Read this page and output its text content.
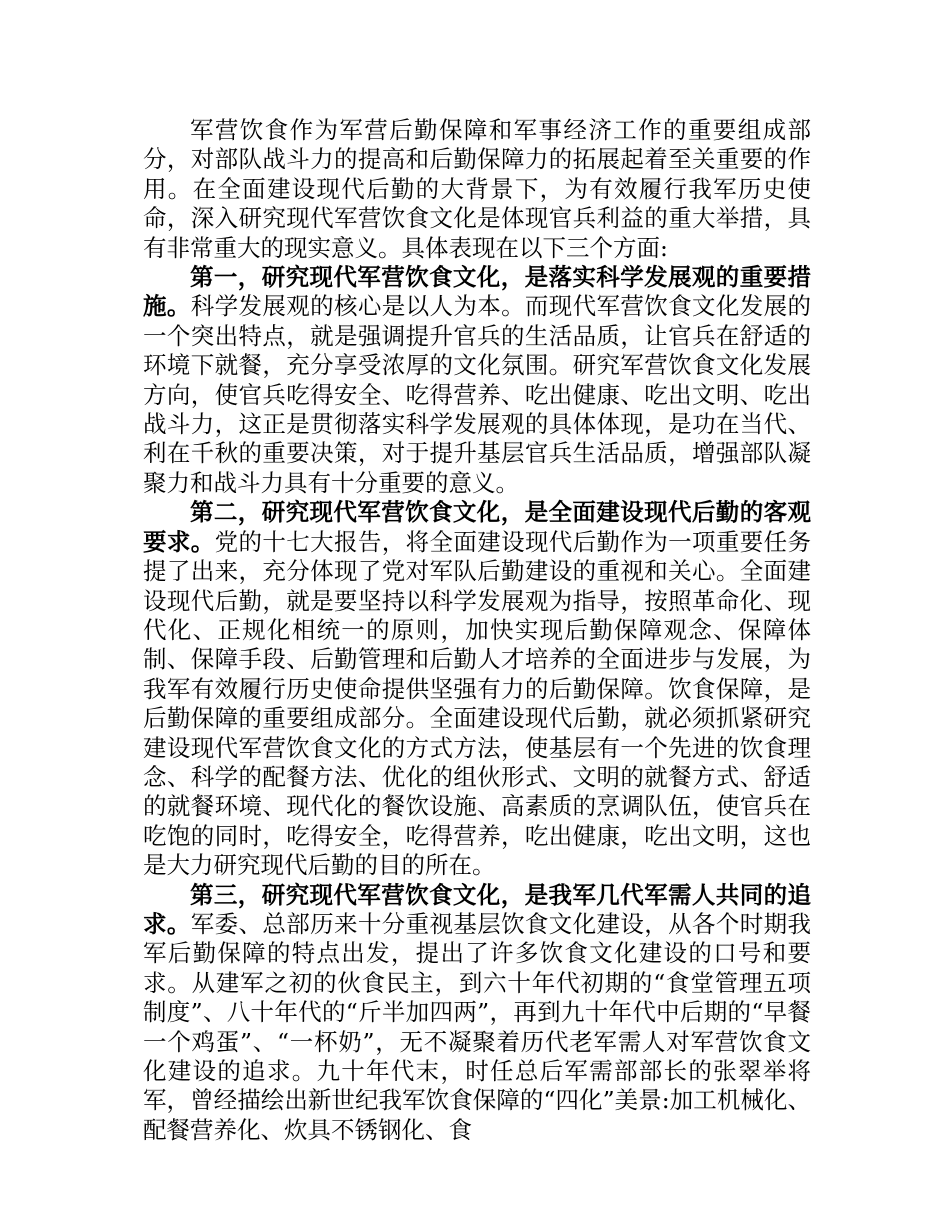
军营饮食作为军营后勤保障和军事经济工作的重要组成部分，对部队战斗力的提高和后勤保障力的拓展起着至关重要的作用。在全面建设现代后勤的大背景下，为有效履行我军历史使命，深入研究现代军营饮食文化是体现官兵利益的重大举措，具有非常重大的现实意义。具体表现在以下三个方面:

第一，研究现代军营饮食文化，是落实科学发展观的重要措施。科学发展观的核心是以人为本。而现代军营饮食文化发展的一个突出特点，就是强调提升官兵的生活品质，让官兵在舒适的环境下就餐，充分享受浓厚的文化氛围。研究军营饮食文化发展方向，使官兵吃得安全、吃得营养、吃出健康、吃出文明、吃出战斗力，这正是贯彻落实科学发展观的具体体现，是功在当代、利在千秋的重要决策，对于提升基层官兵生活品质，增强部队凝聚力和战斗力具有十分重要的意义。

第二，研究现代军营饮食文化，是全面建设现代后勤的客观要求。党的十七大报告，将全面建设现代后勤作为一项重要任务提了出来，充分体现了党对军队后勤建设的重视和关心。全面建设现代后勤，就是要坚持以科学发展观为指导，按照革命化、现代化、正规化相统一的原则，加快实现后勤保障观念、保障体制、保障手段、后勤管理和后勤人才培养的全面进步与发展，为我军有效履行历史使命提供坚强有力的后勤保障。饮食保障，是后勤保障的重要组成部分。全面建设现代后勤，就必须抓紧研究建设现代军营饮食文化的方式方法，使基层有一个先进的饮食理念、科学的配餐方法、优化的组伙形式、文明的就餐方式、舒适的就餐环境、现代化的餐饮设施、高素质的烹调队伍，使官兵在吃饱的同时，吃得安全，吃得营养，吃出健康，吃出文明，这也是大力研究现代后勤的目的所在。

第三，研究现代军营饮食文化，是我军几代军需人共同的追求。军委、总部历来十分重视基层饮食文化建设，从各个时期我军后勤保障的特点出发，提出了许多饮食文化建设的口号和要求。从建军之初的伙食民主，到六十年代初期的“食堂管理五项制度”、八十年代的“斤半加四两”，再到九十年代中后期的“早餐一个鸡蛋”、“一杯奶”，无不凝聚着历代老军需人对军营饮食文化建设的追求。九十年代末，时任总后军需部部长的张翠举将军，曾经描绘出新世纪我军饮食保障的“四化”美景:加工机械化、配餐营养化、炊具不锈钢化、食
